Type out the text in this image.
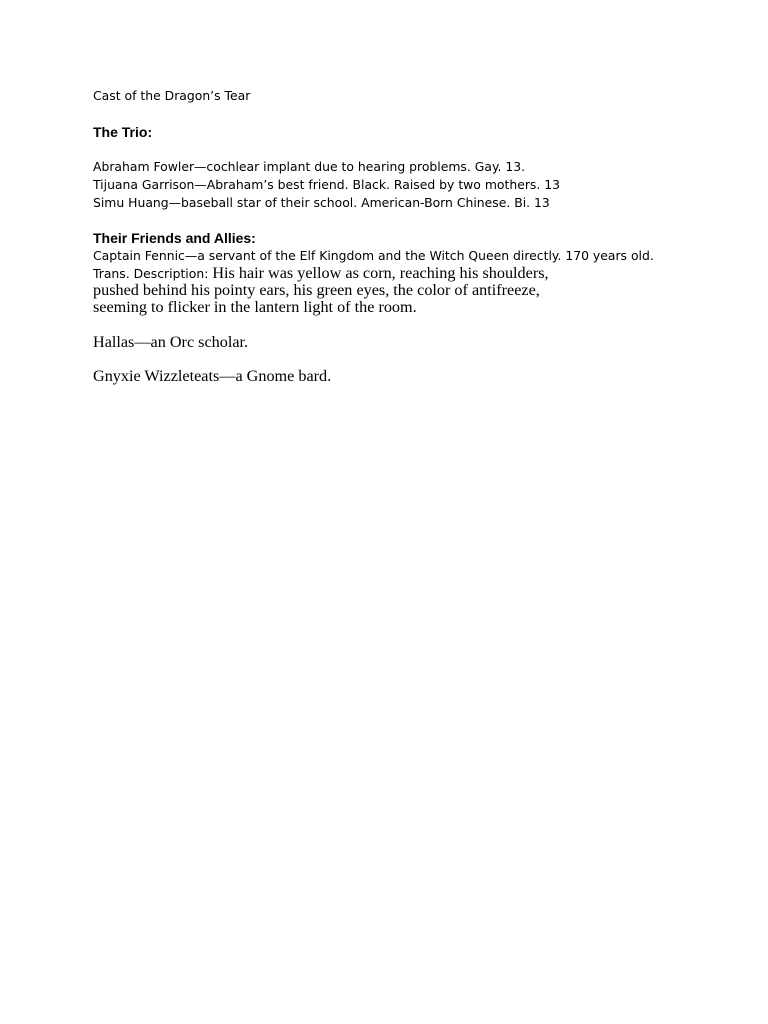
Cast of the Dragon’s Tear
The Trio:
Abraham Fowler—cochlear implant due to hearing problems. Gay. 13.
Tijuana Garrison—Abraham’s best friend. Black. Raised by two mothers. 13
Simu Huang—baseball star of their school. American-Born Chinese. Bi. 13
Their Friends and Allies:
Captain Fennic—a servant of the Elf Kingdom and the Witch Queen directly. 170 years old.
Trans. Description: His hair was yellow as corn, reaching his shoulders,
pushed behind his pointy ears, his green eyes, the color of antifreeze,
seeming to flicker in the lantern light of the room.
Hallas—an Orc scholar.
Gnyxie Wizzleteats—a Gnome bard.
